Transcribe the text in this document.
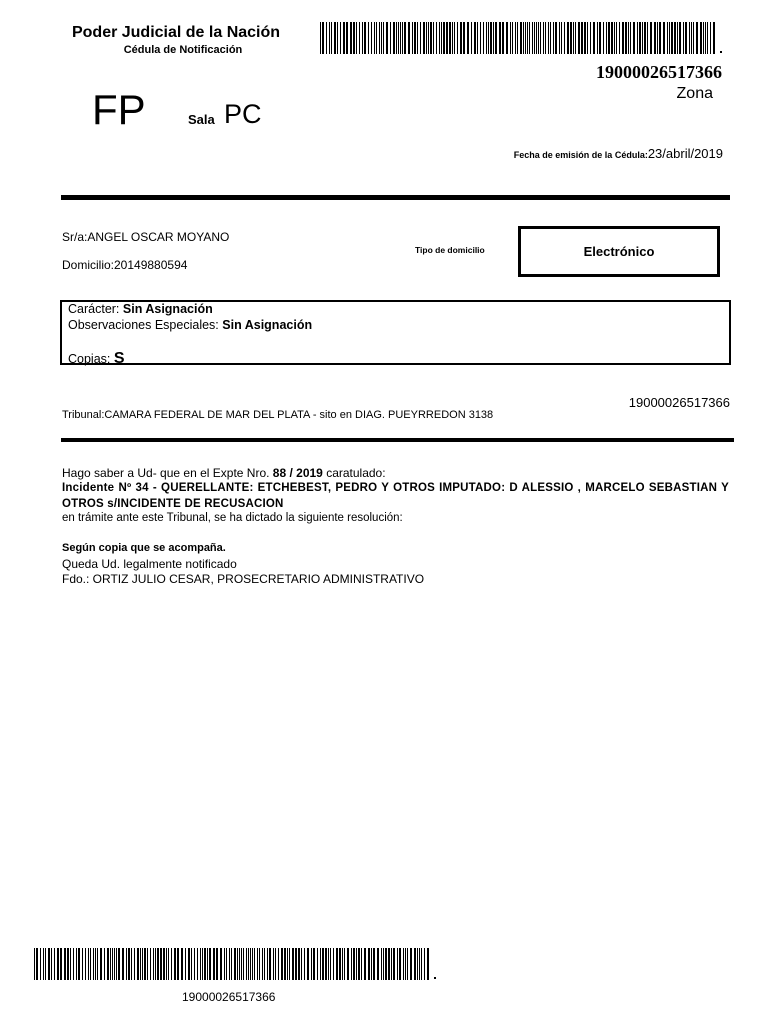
Poder Judicial de la Nación
Cédula de Notificación
19000026517366
Zona
FP	Sala PC
Fecha de emisión de la Cédula:23/abril/2019
Sr/a:ANGEL OSCAR MOYANO
Domicilio:20149880594
Tipo de domicilio	Electrónico
Carácter: Sin Asignación
Observaciones Especiales: Sin Asignación
Copias: S
19000026517366
Tribunal:CAMARA FEDERAL DE MAR DEL PLATA - sito en DIAG. PUEYRREDON 3138
Hago saber a Ud- que en el Expte Nro. 88 / 2019 caratulado:
Incidente Nº 34 - QUERELLANTE: ETCHEBEST, PEDRO Y OTROS IMPUTADO: D ALESSIO , MARCELO SEBASTIAN Y OTROS s/INCIDENTE DE RECUSACION
en trámite ante este Tribunal, se ha dictado la siguiente resolución:
Según copia que se acompaña.
Queda Ud. legalmente notificado
Fdo.: ORTIZ JULIO CESAR, PROSECRETARIO ADMINISTRATIVO
19000026517366
